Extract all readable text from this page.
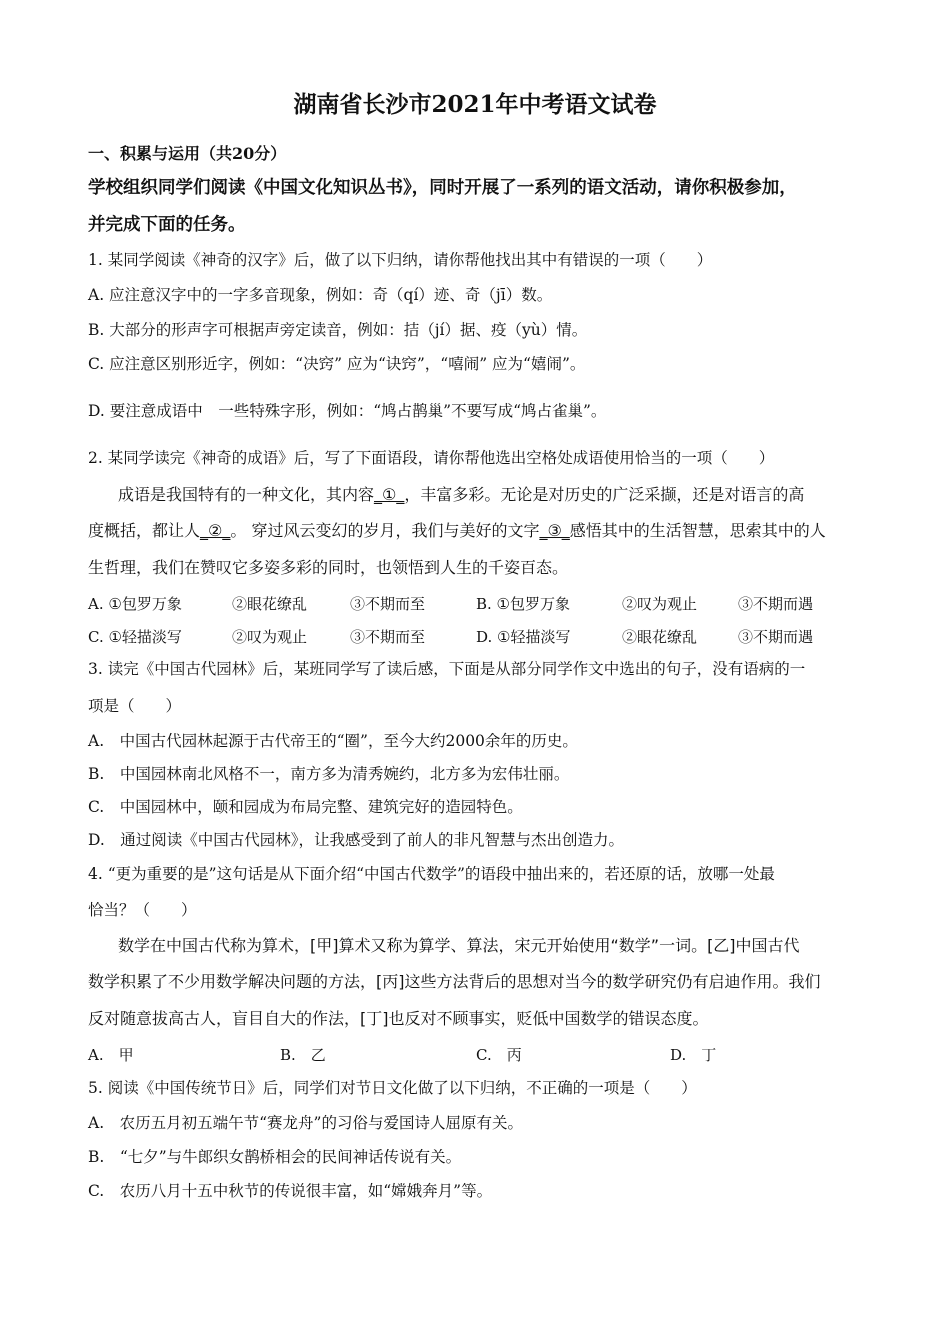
湖南省长沙市2021年中考语文试卷
一、积累与运用（共20分）
学校组织同学们阅读《中国文化知识丛书》，同时开展了一系列的语文活动，请你积极参加，
并完成下面的任务。
1. 某同学阅读《神奇的汉字》后，做了以下归纳，请你帮他找出其中有错误的一项（　　）
A. 应注意汉字中的一字多音现象，例如：奇（qí）迹、奇（jī）数。
B. 大部分的形声字可根据声旁定读音，例如：拮（jí）据、疫（yù）情。
C. 应注意区别形近字，例如：“决窍” 应为“诀窍”，“嘻闹” 应为“嬉闹”。
D. 要注意成语中　一些特殊字形，例如：“鸠占鹊巢”不要写成“鸠占雀巢”。
2. 某同学读完《神奇的成语》后，写了下面语段，请你帮他选出空格处成语使用恰当的一项（　　）
成语是我国特有的一种文化，其内容_①_，丰富多彩。无论是对历史的广泛采撷，还是对语言的高
度概括，都让人_②_。 穿过风云变幻的岁月，我们与美好的文字_③_感悟其中的生活智慧，思索其中的人
生哲理，我们在赞叹它多姿多彩的同时，也领悟到人生的千姿百态。
A. ①包罗万象	②眼花缭乱	③不期而至	B. ①包罗万象	②叹为观止	③不期而遇
C. ①轻描淡写	②叹为观止	③不期而至	D. ①轻描淡写	②眼花缭乱	③不期而遇
3. 读完《中国古代园林》后，某班同学写了读后感，下面是从部分同学作文中选出的句子，没有语病的一
项是（　　）
A.　中国古代园林起源于古代帝王的“圈”，至今大约2000余年的历史。
B.　中国园林南北风格不一，南方多为清秀婉约，北方多为宏伟壮丽。
C.　中国园林中，颐和园成为布局完整、建筑完好的造园特色。
D.　通过阅读《中国古代园林》，让我感受到了前人的非凡智慧与杰出创造力。
4. “更为重要的是”这句话是从下面介绍“中国古代数学”的语段中抽出来的，若还原的话，放哪一处最
恰当？（　　）
数学在中国古代称为算术，[甲]算术又称为算学、算法，宋元开始使用“数学”一词。[乙]中国古代
数学积累了不少用数学解决问题的方法，[丙]这些方法背后的思想对当今的数学研究仍有启迪作用。我们
反对随意拔高古人，盲目自大的作法，[丁]也反对不顾事实，贬低中国数学的错误态度。
A.　甲	B.　乙	C.　丙	D.　丁
5. 阅读《中国传统节日》后，同学们对节日文化做了以下归纳，不正确的一项是（　　）
A.　农历五月初五端午节“赛龙舟”的习俗与爱国诗人屈原有关。
B.　“七夕”与牛郎织女鹊桥相会的民间神话传说有关。
C.　农历八月十五中秋节的传说很丰富，如“嫦娥奔月”等。
